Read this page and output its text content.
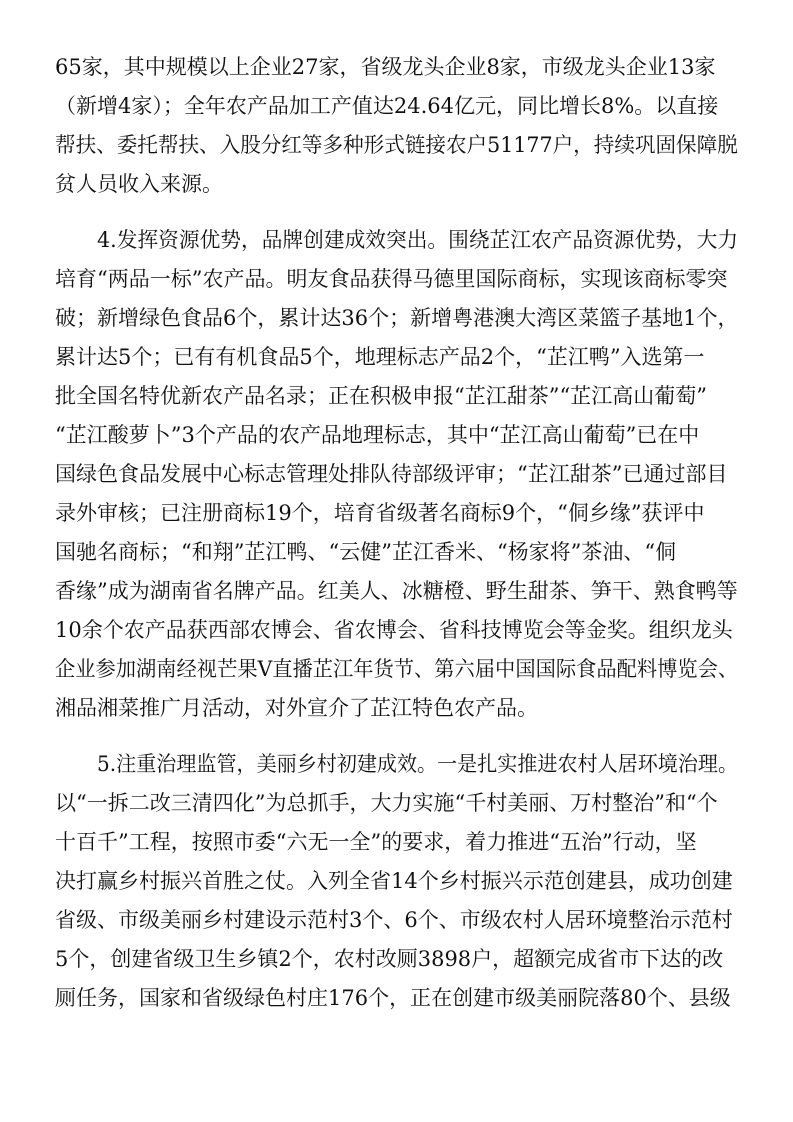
65家，其中规模以上企业27家，省级龙头企业8家，市级龙头企业13家
（新增4家）；全年农产品加工产值达24.64亿元，同比增长8%。以直接
帮扶、委托帮扶、入股分红等多种形式链接农户51177户，持续巩固保障脱
贫人员收入来源。
4.发挥资源优势，品牌创建成效突出。围绕芷江农产品资源优势，大力
培育“两品一标”农产品。明友食品获得马德里国际商标，实现该商标零突
破；新增绿色食品6个，累计达36个；新增粤港澳大湾区菜篮子基地1个，
累计达5个；已有有机食品5个，地理标志产品2个，“芷江鸭”入选第一
批全国名特优新农产品名录；正在积极申报“芷江甜茶”“芷江高山葡萄”
“芷江酸萝卜”3个产品的农产品地理标志，其中“芷江高山葡萄”已在中
国绿色食品发展中心标志管理处排队待部级评审；“芷江甜茶”已通过部目
录外审核；已注册商标19个，培育省级著名商标9个，“侗乡缘”获评中
国驰名商标；“和翔”芷江鸭、“云健”芷江香米、“杨家将”茶油、“侗
香缘”成为湖南省名牌产品。红美人、冰糖橙、野生甜茶、笋干、熟食鸭等
10余个农产品获西部农博会、省农博会、省科技博览会等金奖。组织龙头
企业参加湖南经视芒果V直播芷江年货节、第六届中国国际食品配料博览会、
湘品湘菜推广月活动，对外宣介了芷江特色农产品。
5.注重治理监管，美丽乡村初建成效。一是扎实推进农村人居环境治理。
以“一拆二改三清四化”为总抓手，大力实施“千村美丽、万村整治”和“个
十百千”工程，按照市委“六无一全”的要求，着力推进“五治”行动，坚
决打赢乡村振兴首胜之仗。入列全省14个乡村振兴示范创建县，成功创建
省级、市级美丽乡村建设示范村3个、6个、市级农村人居环境整治示范村
5个，创建省级卫生乡镇2个，农村改厕3898户，超额完成省市下达的改
厕任务，国家和省级绿色村庄176个，正在创建市级美丽院落80个、县级
